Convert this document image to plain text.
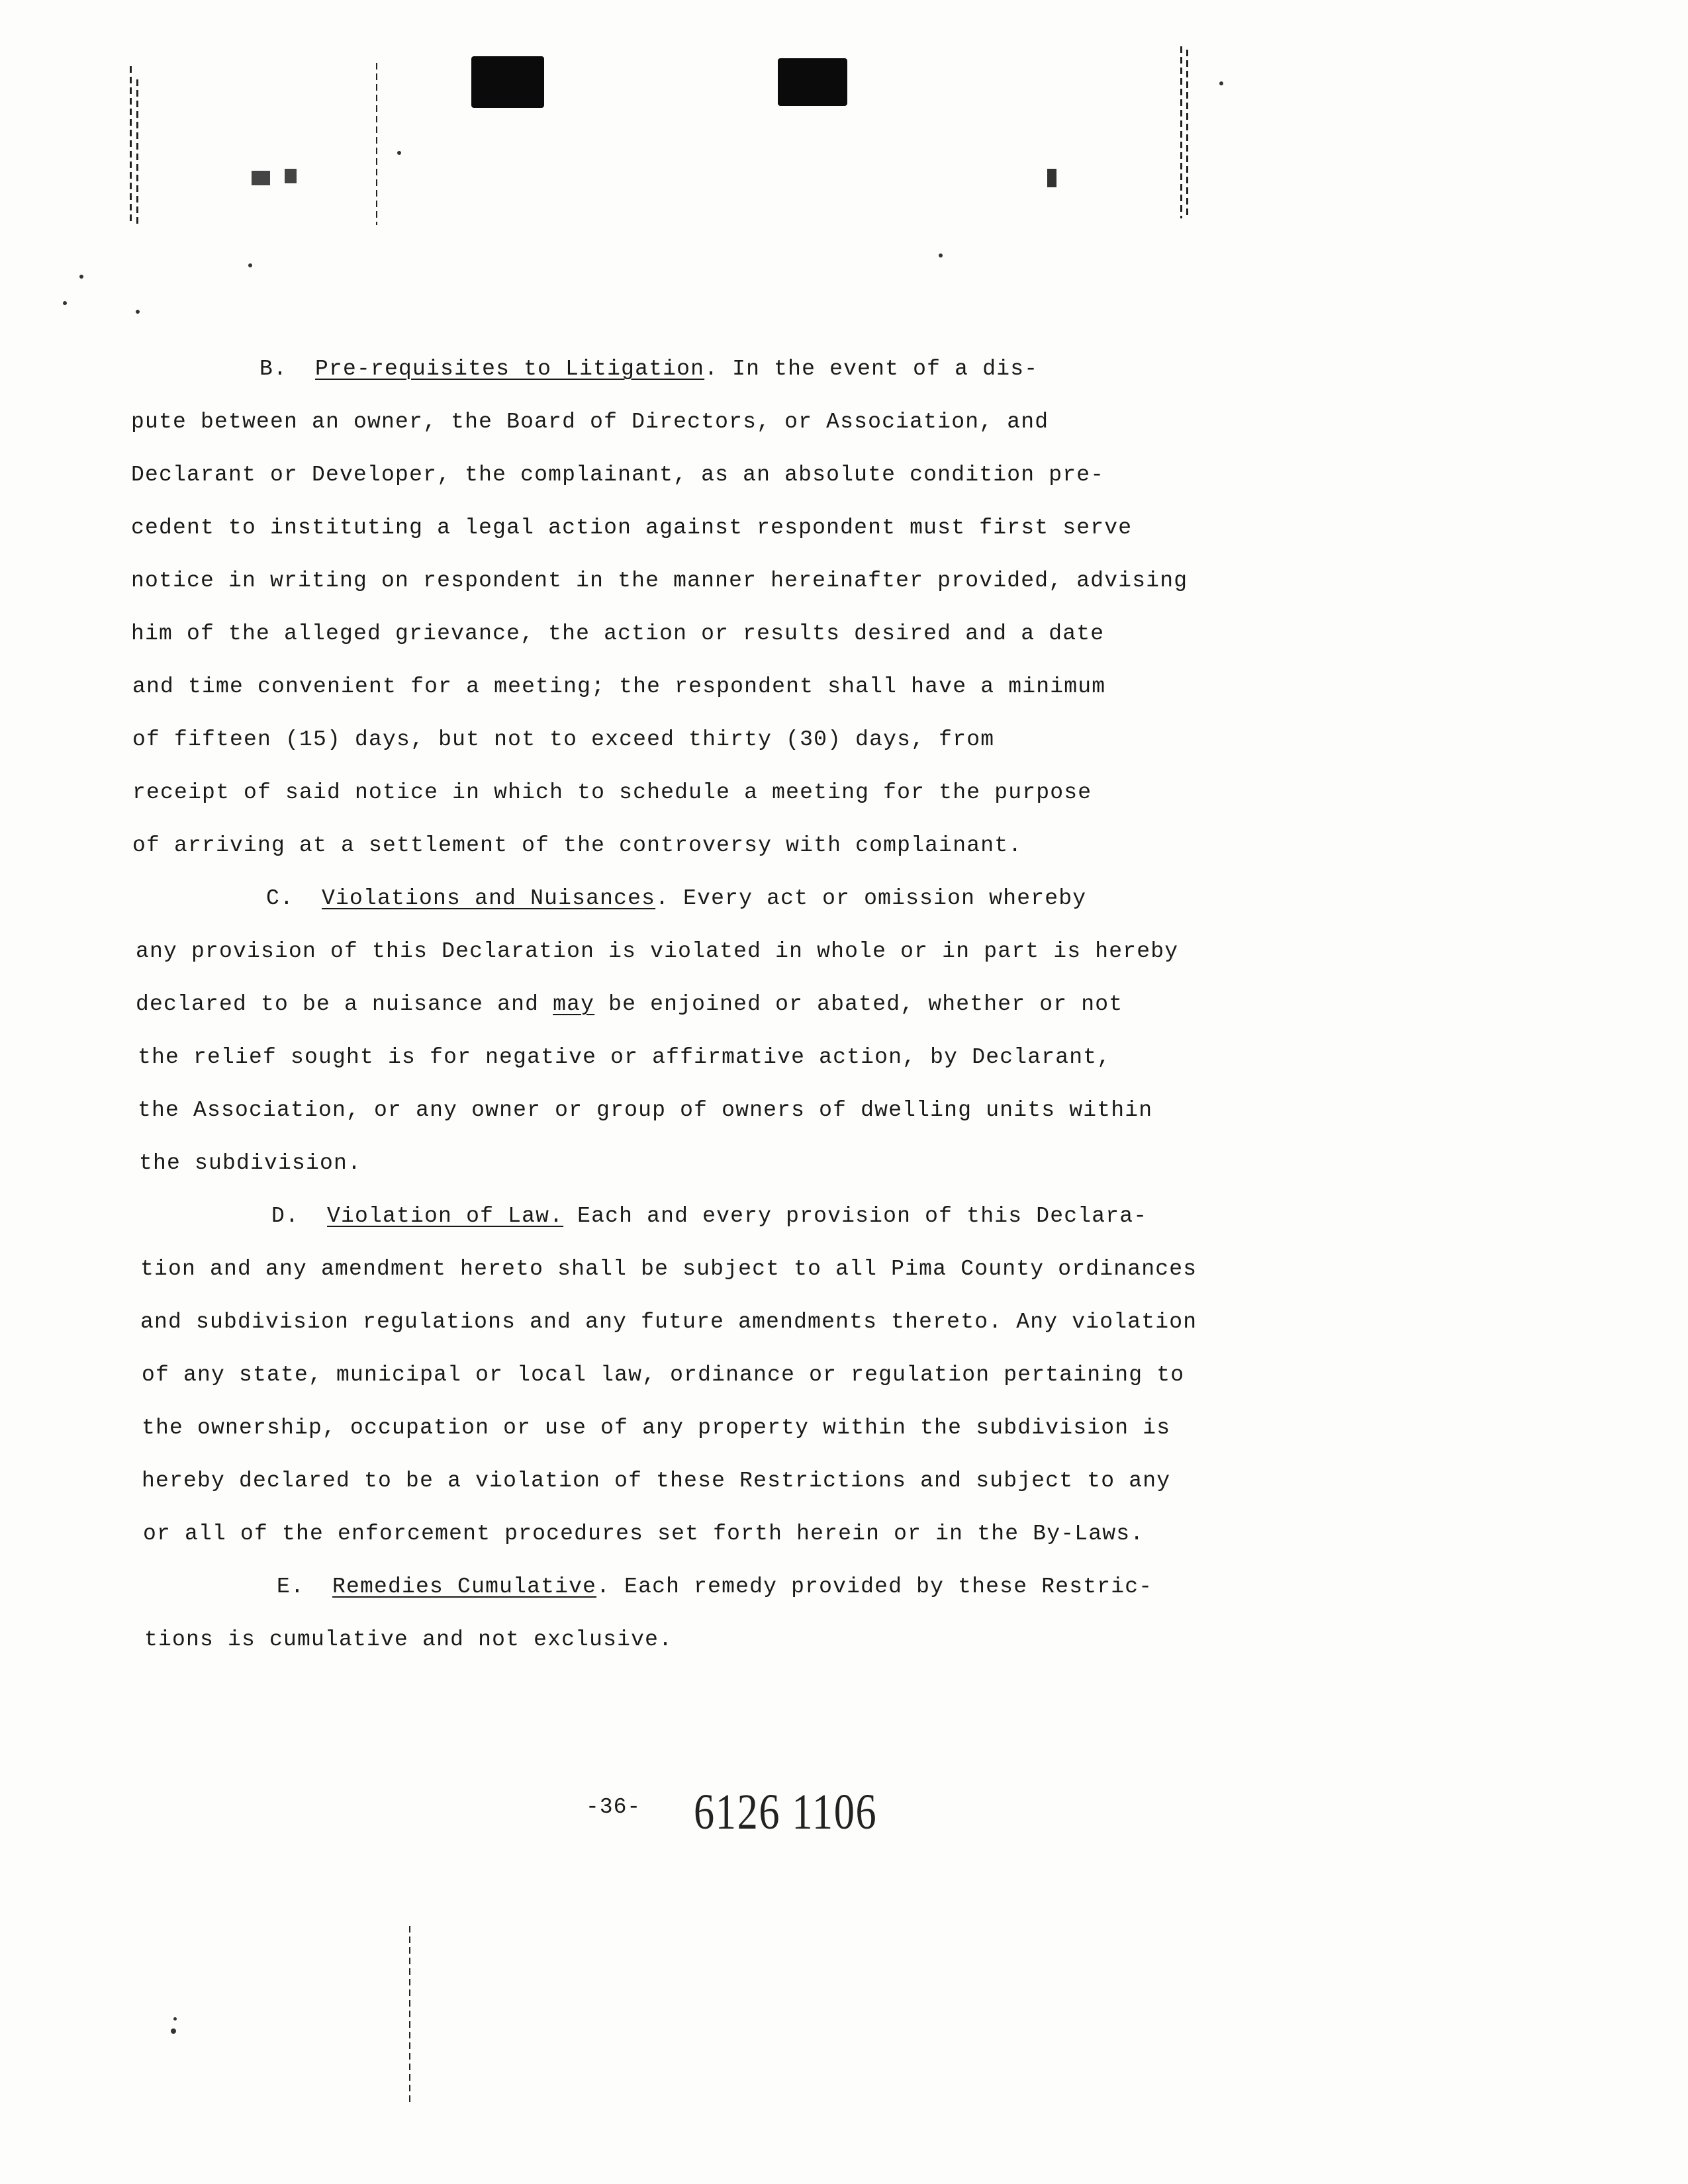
B. Pre-requisites to Litigation. In the event of a dis-
pute between an owner, the Board of Directors, or Association, and
Declarant or Developer, the complainant, as an absolute condition pre-
cedent to instituting a legal action against respondent must first serve
notice in writing on respondent in the manner hereinafter provided, advising
him of the alleged grievance, the action or results desired and a date
and time convenient for a meeting; the respondent shall have a minimum
of fifteen (15) days, but not to exceed thirty (30) days, from
receipt of said notice in which to schedule a meeting for the purpose
of arriving at a settlement of the controversy with complainant.
C. Violations and Nuisances. Every act or omission whereby
any provision of this Declaration is violated in whole or in part is hereby
declared to be a nuisance and may be enjoined or abated, whether or not
the relief sought is for negative or affirmative action, by Declarant,
the Association, or any owner or group of owners of dwelling units within
the subdivision.
D. Violation of Law. Each and every provision of this Declara-
tion and any amendment hereto shall be subject to all Pima County ordinances
and subdivision regulations and any future amendments thereto. Any violation
of any state, municipal or local law, ordinance or regulation pertaining to
the ownership, occupation or use of any property within the subdivision is
hereby declared to be a violation of these Restrictions and subject to any
or all of the enforcement procedures set forth herein or in the By-Laws.
E. Remedies Cumulative. Each remedy provided by these Restric-
tions is cumulative and not exclusive.
-36- 6126 1106
